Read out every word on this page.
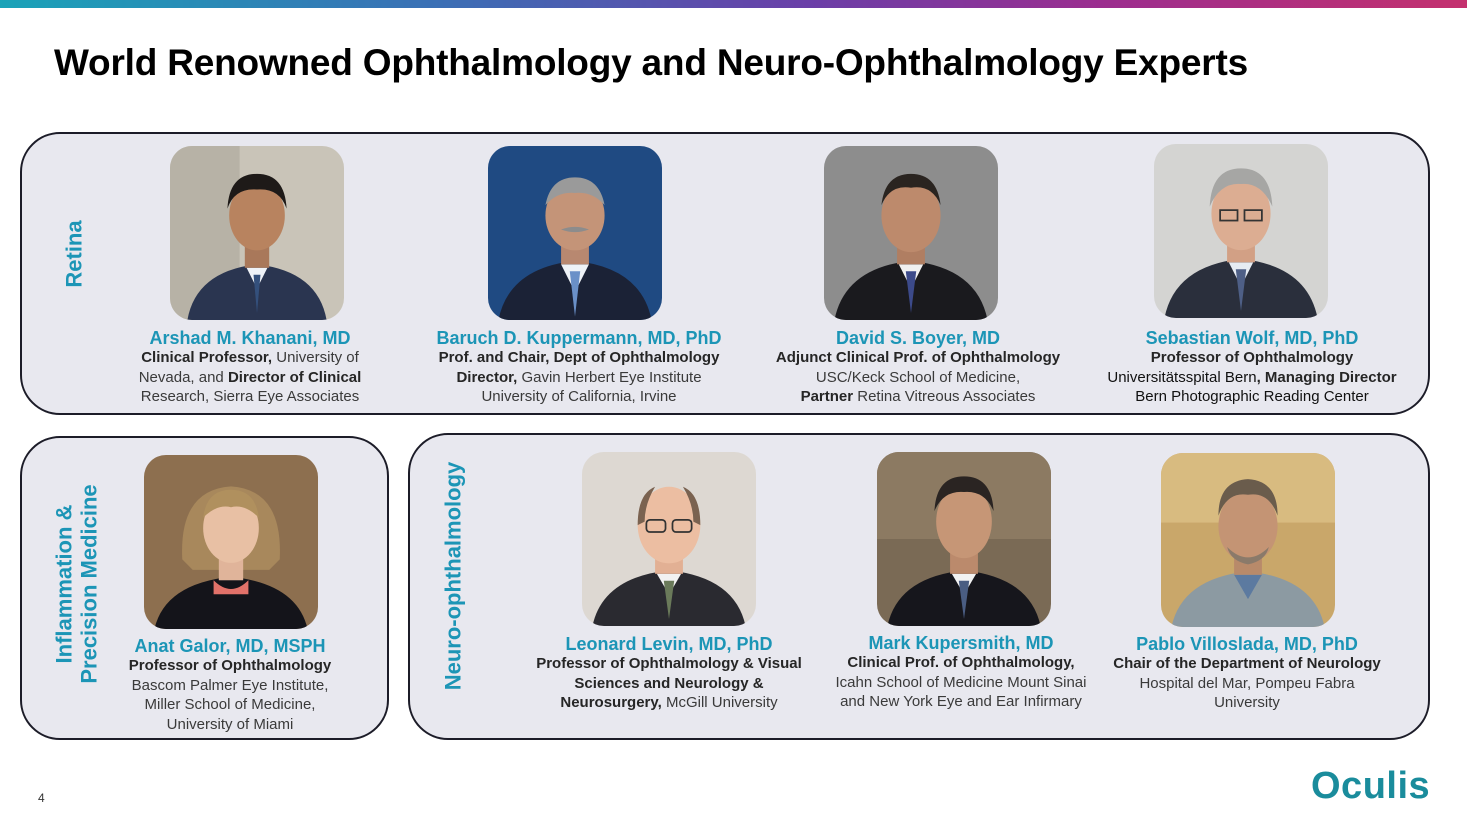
World Renowned Ophthalmology and Neuro-Ophthalmology Experts
Retina
Inflammation & Precision Medicine	Neuro-ophthalmology
Arshad M. Khanani, MD
Clinical Professor, University of
Nevada, and Director of Clinical
Research, Sierra Eye Associates
Baruch D. Kuppermann, MD, PhD
Prof. and Chair, Dept of Ophthalmology
Director, Gavin Herbert Eye Institute
University of California, Irvine
David S. Boyer, MD
Adjunct Clinical Prof. of Ophthalmology
USC/Keck School of Medicine,
Partner Retina Vitreous Associates
Sebastian Wolf, MD, PhD
Professor of Ophthalmology
Universitätsspital Bern, Managing Director
Bern Photographic Reading Center
Anat Galor, MD, MSPH
Professor of Ophthalmology
Bascom Palmer Eye Institute,
Miller School of Medicine,
University of Miami
Leonard Levin, MD, PhD
Professor of Ophthalmology & Visual
Sciences and Neurology &
Neurosurgery, McGill University
Mark Kupersmith, MD
Clinical Prof. of Ophthalmology,
Icahn School of Medicine Mount Sinai
and New York Eye and Ear Infirmary
Pablo Villoslada, MD, PhD
Chair of the Department of Neurology
Hospital del Mar, Pompeu Fabra
University
4	Oculis
